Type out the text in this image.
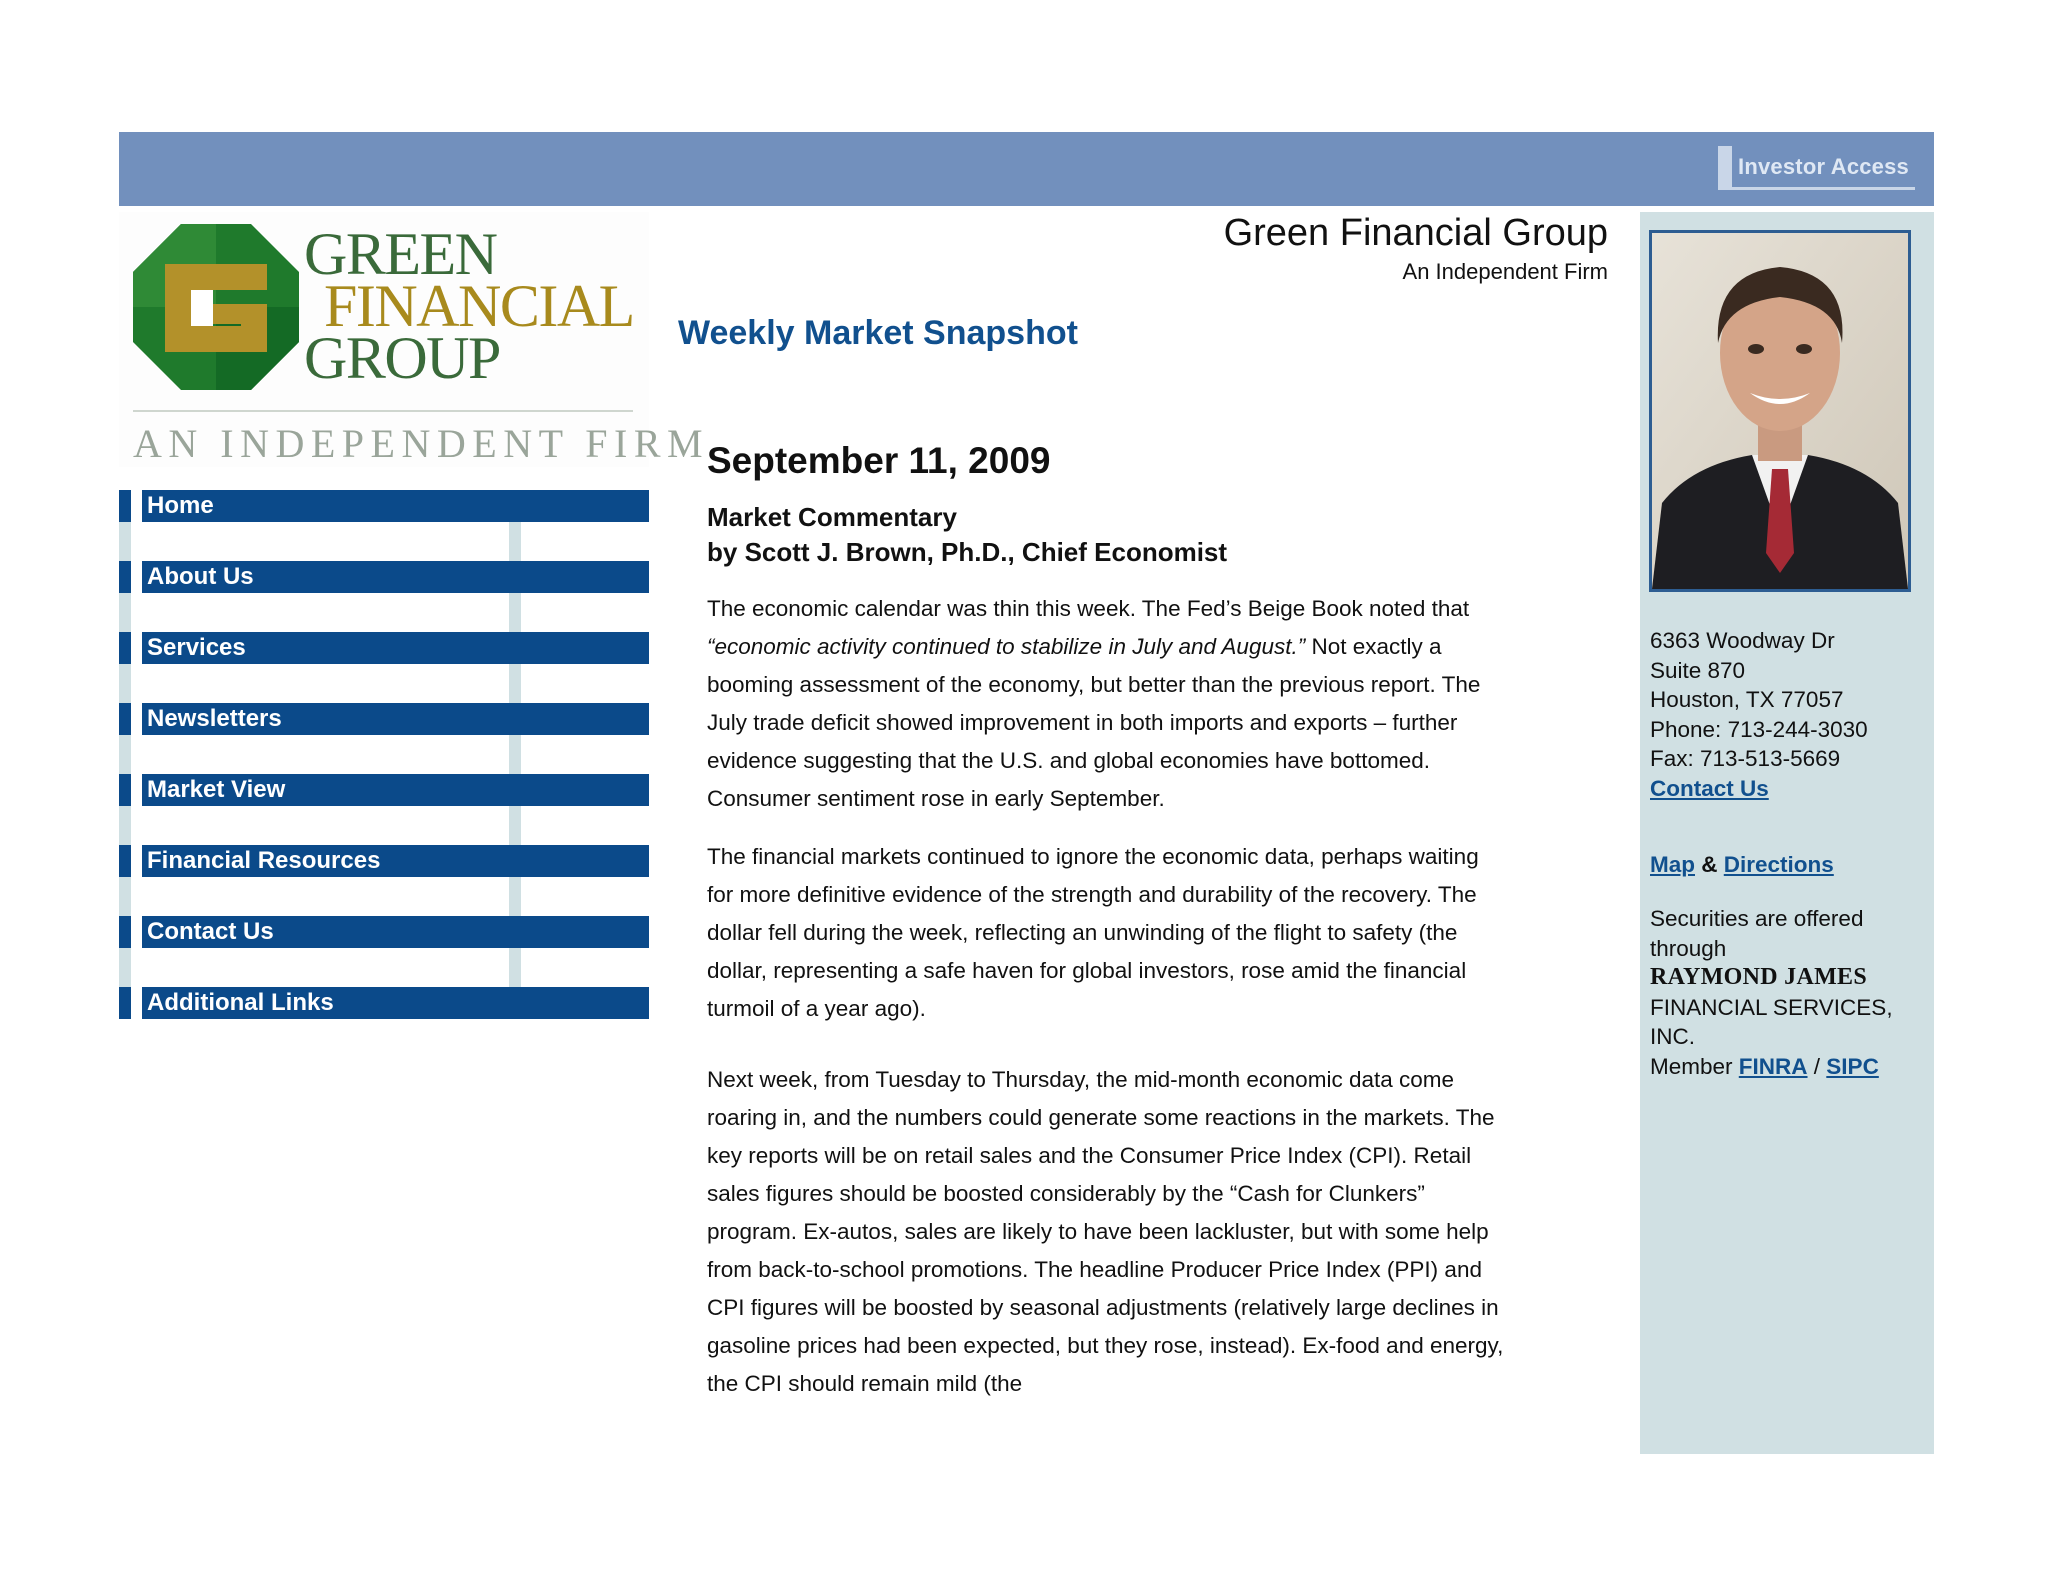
Investor Access
GREEN
FINANCIAL
GROUP
AN INDEPENDENT FIRM
Home
About Us
Services
Newsletters
Market View
Financial Resources
Contact Us
Additional Links
Green Financial Group
An Independent Firm
Weekly Market Snapshot
September 11, 2009
Market Commentary
by Scott J. Brown, Ph.D., Chief Economist

The economic calendar was thin this week. The Fed’s Beige Book noted that “economic activity continued to stabilize in July and August.” Not exactly a booming assessment of the economy, but better than the previous report. The July trade deficit showed improvement in both imports and exports – further evidence suggesting that the U.S. and global economies have bottomed. Consumer sentiment rose in early September.

The financial markets continued to ignore the economic data, perhaps waiting for more definitive evidence of the strength and durability of the recovery. The dollar fell during the week, reflecting an unwinding of the flight to safety (the dollar, representing a safe haven for global investors, rose amid the financial turmoil of a year ago).

Next week, from Tuesday to Thursday, the mid-month economic data come roaring in, and the numbers could generate some reactions in the markets. The key reports will be on retail sales and the Consumer Price Index (CPI). Retail sales figures should be boosted considerably by the “Cash for Clunkers” program. Ex-autos, sales are likely to have been lackluster, but with some help from back-to-school promotions. The headline Producer Price Index (PPI) and CPI figures will be boosted by seasonal adjustments (relatively large declines in gasoline prices had been expected, but they rose, instead). Ex-food and energy, the CPI should remain mild (the

6363 Woodway Dr
Suite 870
Houston, TX 77057
Phone: 713-244-3030
Fax: 713-513-5669
Contact Us
Map & Directions
Securities are offered through
RAYMOND JAMES
FINANCIAL SERVICES, INC.
Member FINRA / SIPC
